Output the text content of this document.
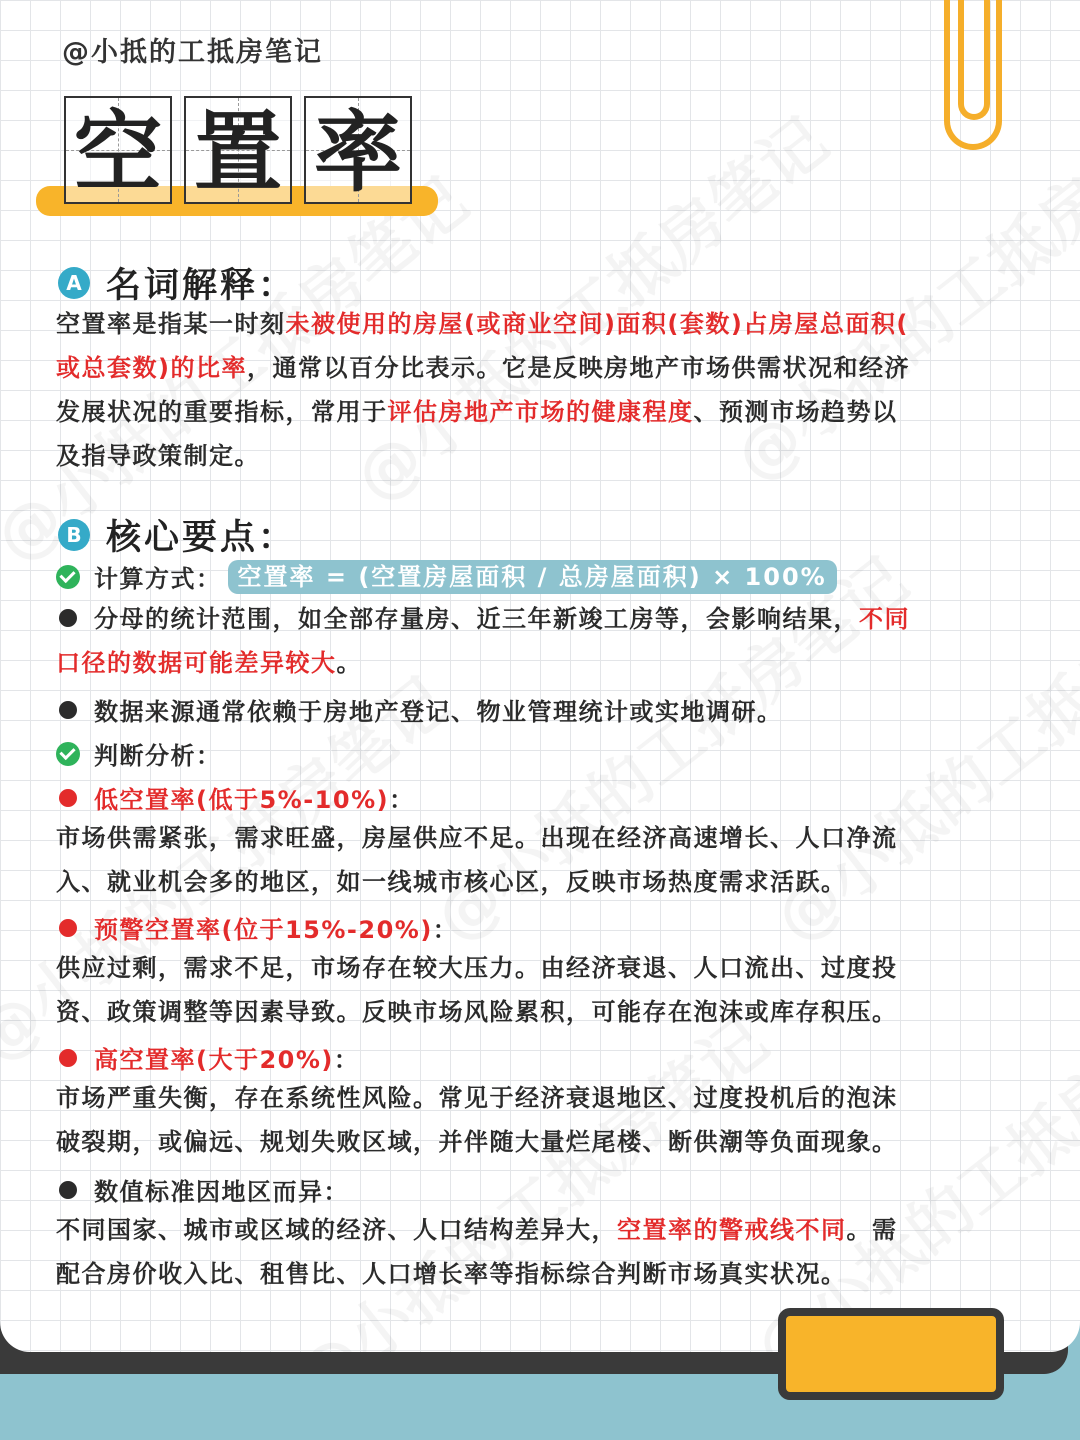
@小抵的工抵房笔记
空 置 率
A 名词解释：
空置率是指某一时刻未被使用的房屋(或商业空间)面积(套数)占房屋总面积(
或总套数)的比率，通常以百分比表示。它是反映房地产市场供需状况和经济
发展状况的重要指标，常用于评估房地产市场的健康程度、预测市场趋势以
及指导政策制定。
B 核心要点：
计算方式： 空置率 = (空置房屋面积 / 总房屋面积) × 100%
分母的统计范围，如全部存量房、近三年新竣工房等，会影响结果，不同
口径的数据可能差异较大。
数据来源通常依赖于房地产登记、物业管理统计或实地调研。
判断分析：
低空置率(低于5%-10%) ：
市场供需紧张，需求旺盛，房屋供应不足。出现在经济高速增长、人口净流
入、就业机会多的地区，如一线城市核心区，反映市场热度需求活跃。
预警空置率(位于15%-20%) ：
供应过剩，需求不足，市场存在较大压力。由经济衰退、人口流出、过度投
资、政策调整等因素导致。反映市场风险累积，可能存在泡沫或库存积压。
高空置率(大于20%) ：
市场严重失衡，存在系统性风险。常见于经济衰退地区、过度投机后的泡沫
破裂期，或偏远、规划失败区域，并伴随大量烂尾楼、断供潮等负面现象。
数值标准因地区而异：
不同国家、城市或区域的经济、人口结构差异大，空置率的警戒线不同。需
配合房价收入比、租售比、人口增长率等指标综合判断市场真实状况。
